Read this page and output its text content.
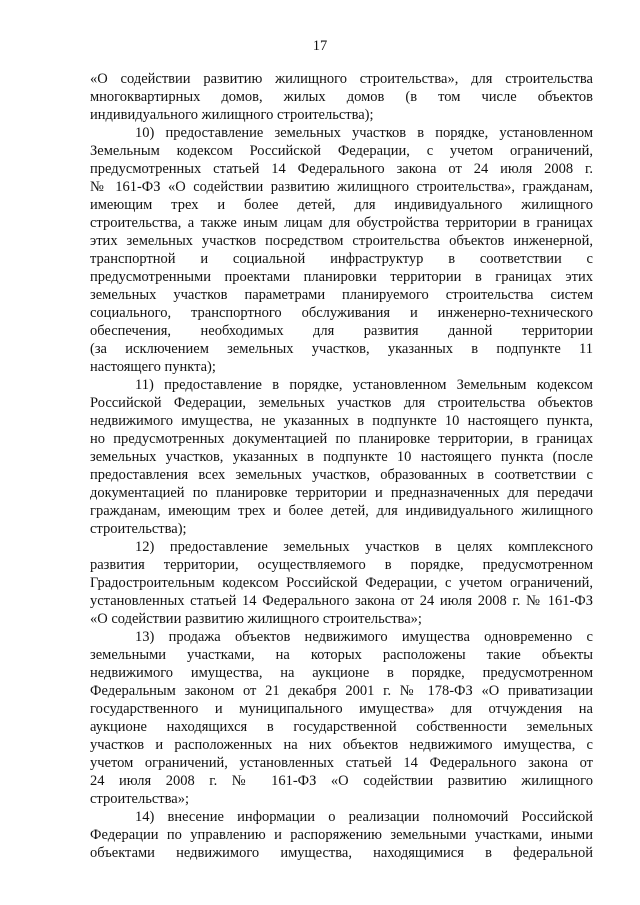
17
«О содействии развитию жилищного строительства», для строительства
многоквартирных домов, жилых домов (в том числе объектов
индивидуального жилищного строительства);
10) предоставление земельных участков в порядке, установленном
Земельным кодексом Российской Федерации, с учетом ограничений,
предусмотренных статьей 14 Федерального закона от 24 июля 2008 г.
№ 161-ФЗ «О содействии развитию жилищного строительства», гражданам,
имеющим трех и более детей, для индивидуального жилищного
строительства, а также иным лицам для обустройства территории в границах
этих земельных участков посредством строительства объектов инженерной,
транспортной и социальной инфраструктур в соответствии с
предусмотренными проектами планировки территории в границах этих
земельных участков параметрами планируемого строительства систем
социального, транспортного обслуживания и инженерно-технического
обеспечения, необходимых для развития данной территории
(за исключением земельных участков, указанных в подпункте 11
настоящего пункта);
11) предоставление в порядке, установленном Земельным кодексом
Российской Федерации, земельных участков для строительства объектов
недвижимого имущества, не указанных в подпункте 10 настоящего пункта,
но предусмотренных документацией по планировке территории, в границах
земельных участков, указанных в подпункте 10 настоящего пункта (после
предоставления всех земельных участков, образованных в соответствии с
документацией по планировке территории и предназначенных для передачи
гражданам, имеющим трех и более детей, для индивидуального жилищного
строительства);
12) предоставление земельных участков в целях комплексного
развития территории, осуществляемого в порядке, предусмотренном
Градостроительным кодексом Российской Федерации, с учетом ограничений,
установленных статьей 14 Федерального закона от 24 июля 2008 г. № 161-ФЗ
«О содействии развитию жилищного строительства»;
13) продажа объектов недвижимого имущества одновременно с
земельными участками, на которых расположены такие объекты
недвижимого имущества, на аукционе в порядке, предусмотренном
Федеральным законом от 21 декабря 2001 г. № 178-ФЗ «О приватизации
государственного и муниципального имущества» для отчуждения на
аукционе находящихся в государственной собственности земельных
участков и расположенных на них объектов недвижимого имущества, с
учетом ограничений, установленных статьей 14 Федерального закона от
24 июля 2008 г. № 161-ФЗ «О содействии развитию жилищного
строительства»;
14) внесение информации о реализации полномочий Российской
Федерации по управлению и распоряжению земельными участками, иными
объектами недвижимого имущества, находящимися в федеральной
